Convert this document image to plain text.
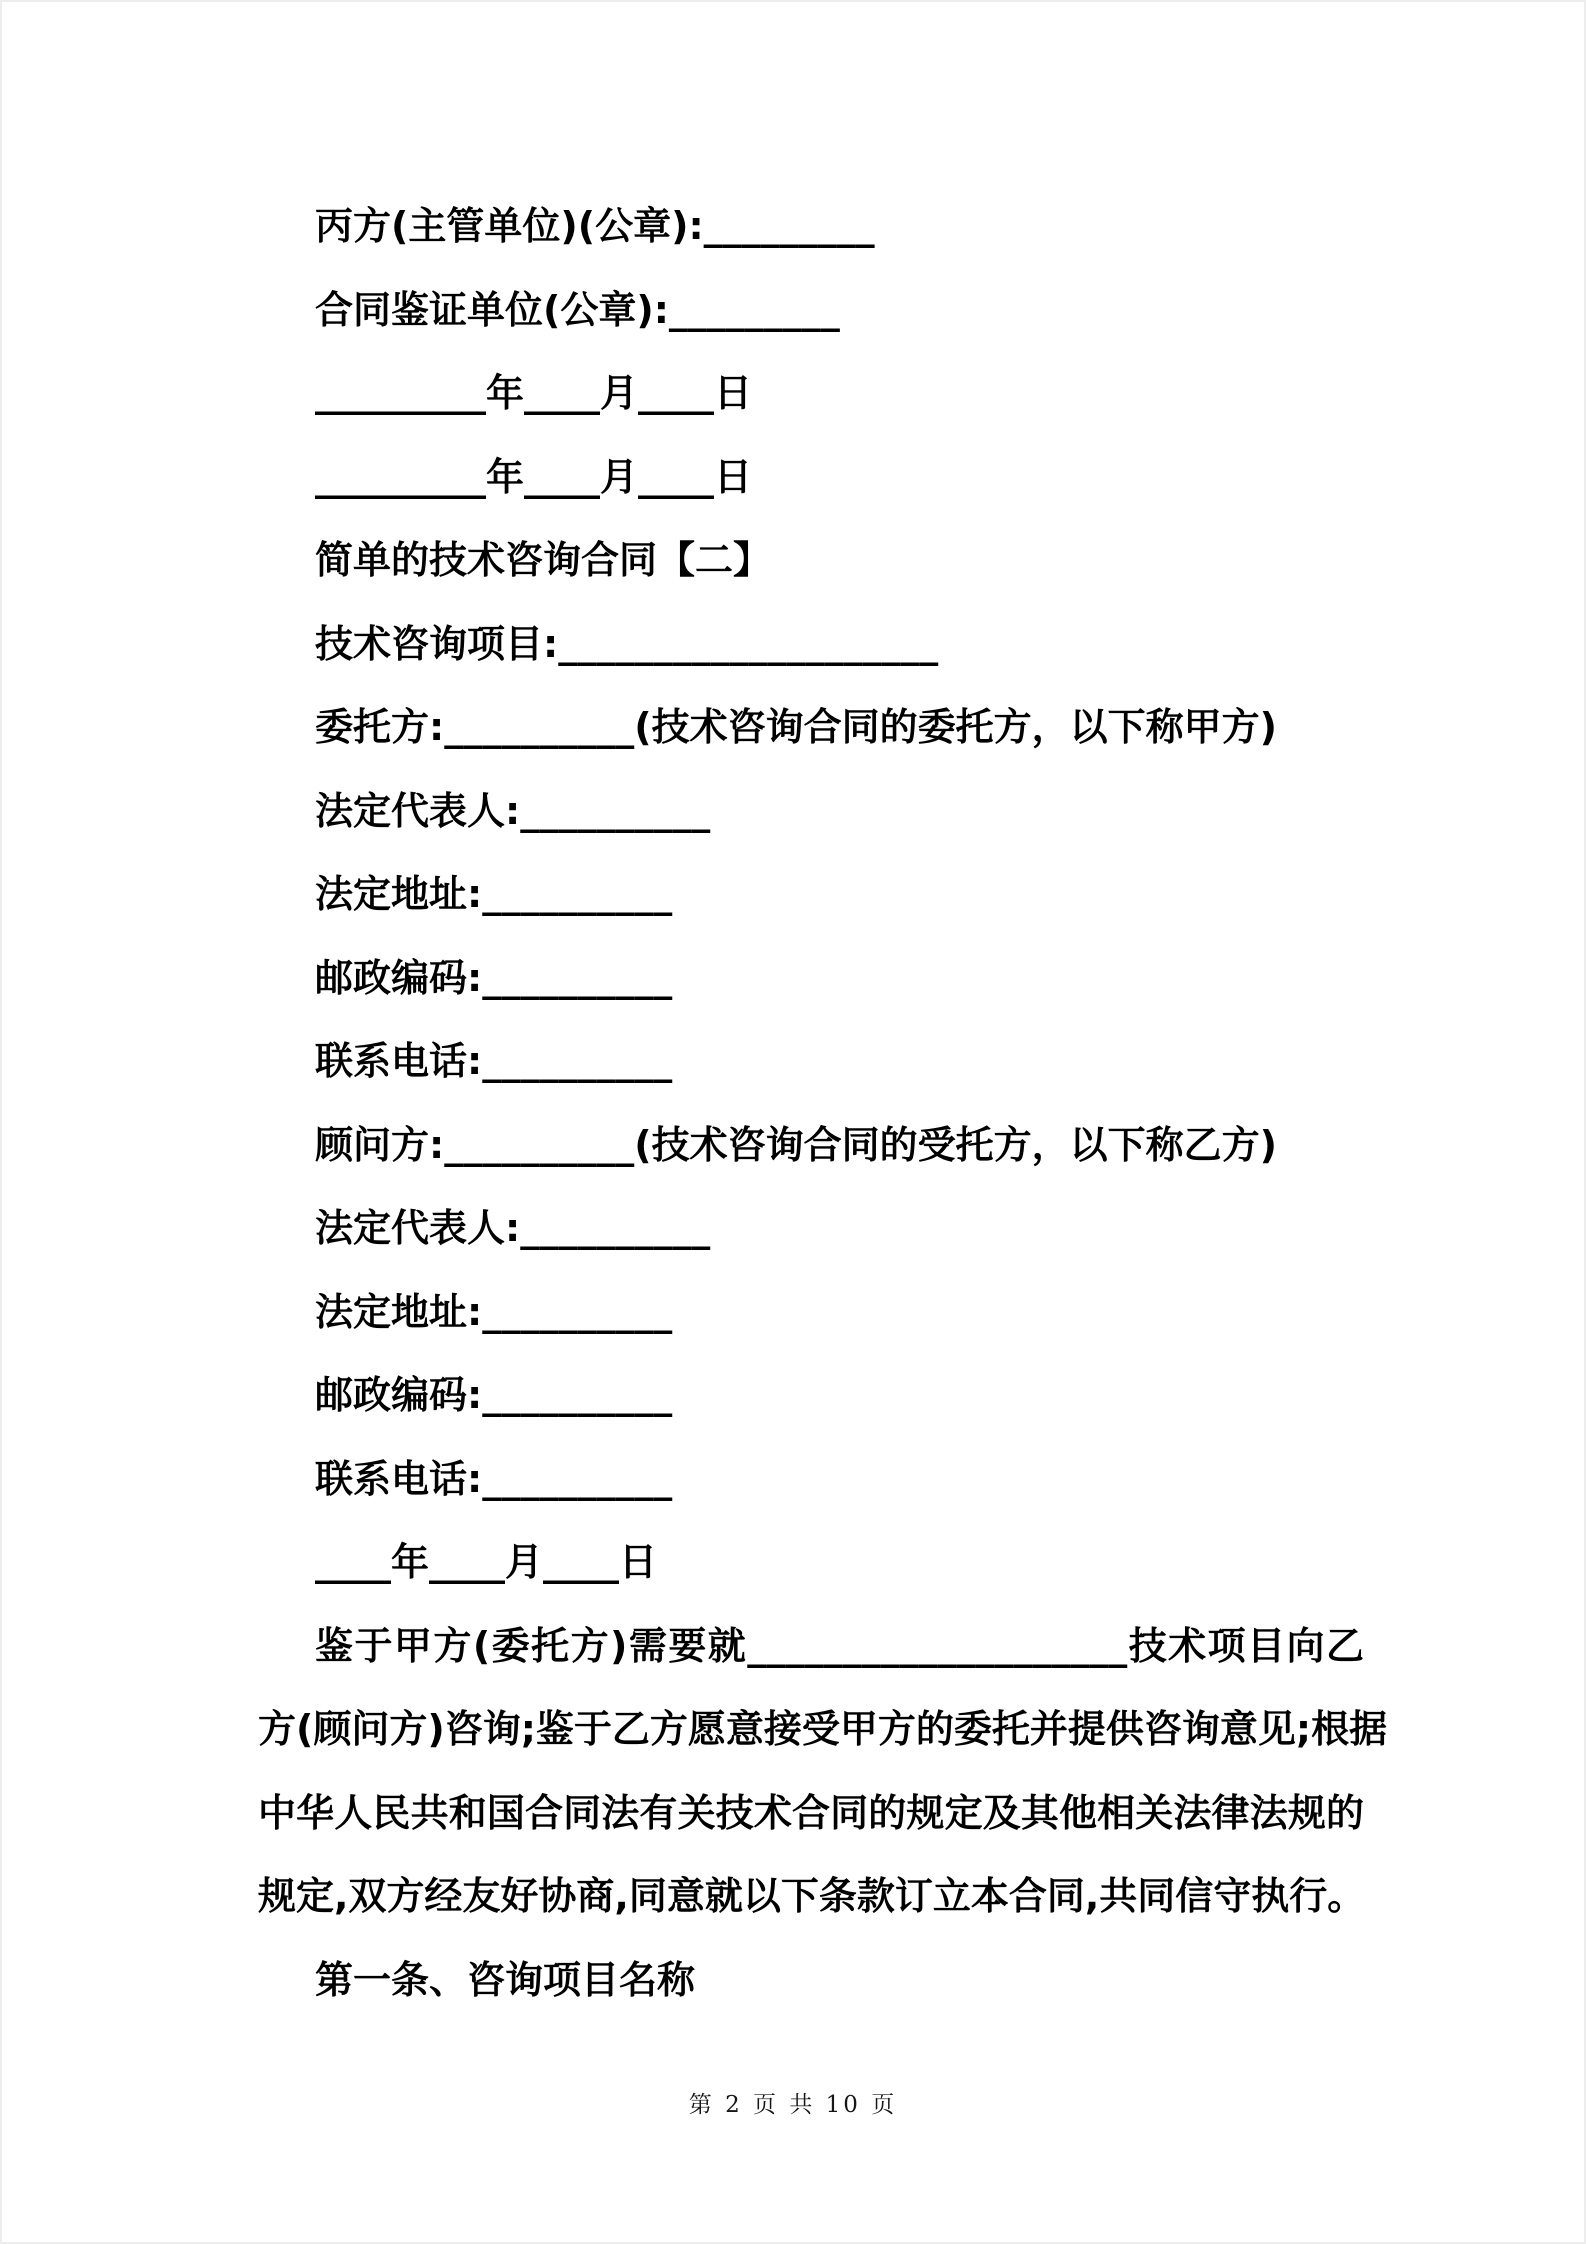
丙方(主管单位)(公章):_________
合同鉴证单位(公章):_________
_________年____月____日
_________年____月____日
简单的技术咨询合同【二】
技术咨询项目:____________________
委托方:__________(技术咨询合同的委托方，以下称甲方)
法定代表人:__________
法定地址:__________
邮政编码:__________
联系电话:__________
顾问方:__________(技术咨询合同的受托方，以下称乙方)
法定代表人:__________
法定地址:__________
邮政编码:__________
联系电话:__________
____年____月____日
鉴于甲方(委托方)需要就____________________技术项目向乙
方(顾问方)咨询;鉴于乙方愿意接受甲方的委托并提供咨询意见;根据
中华人民共和国合同法有关技术合同的规定及其他相关法律法规的
规定,双方经友好协商,同意就以下条款订立本合同,共同信守执行。
第一条、咨询项目名称
第 2 页 共 10 页
